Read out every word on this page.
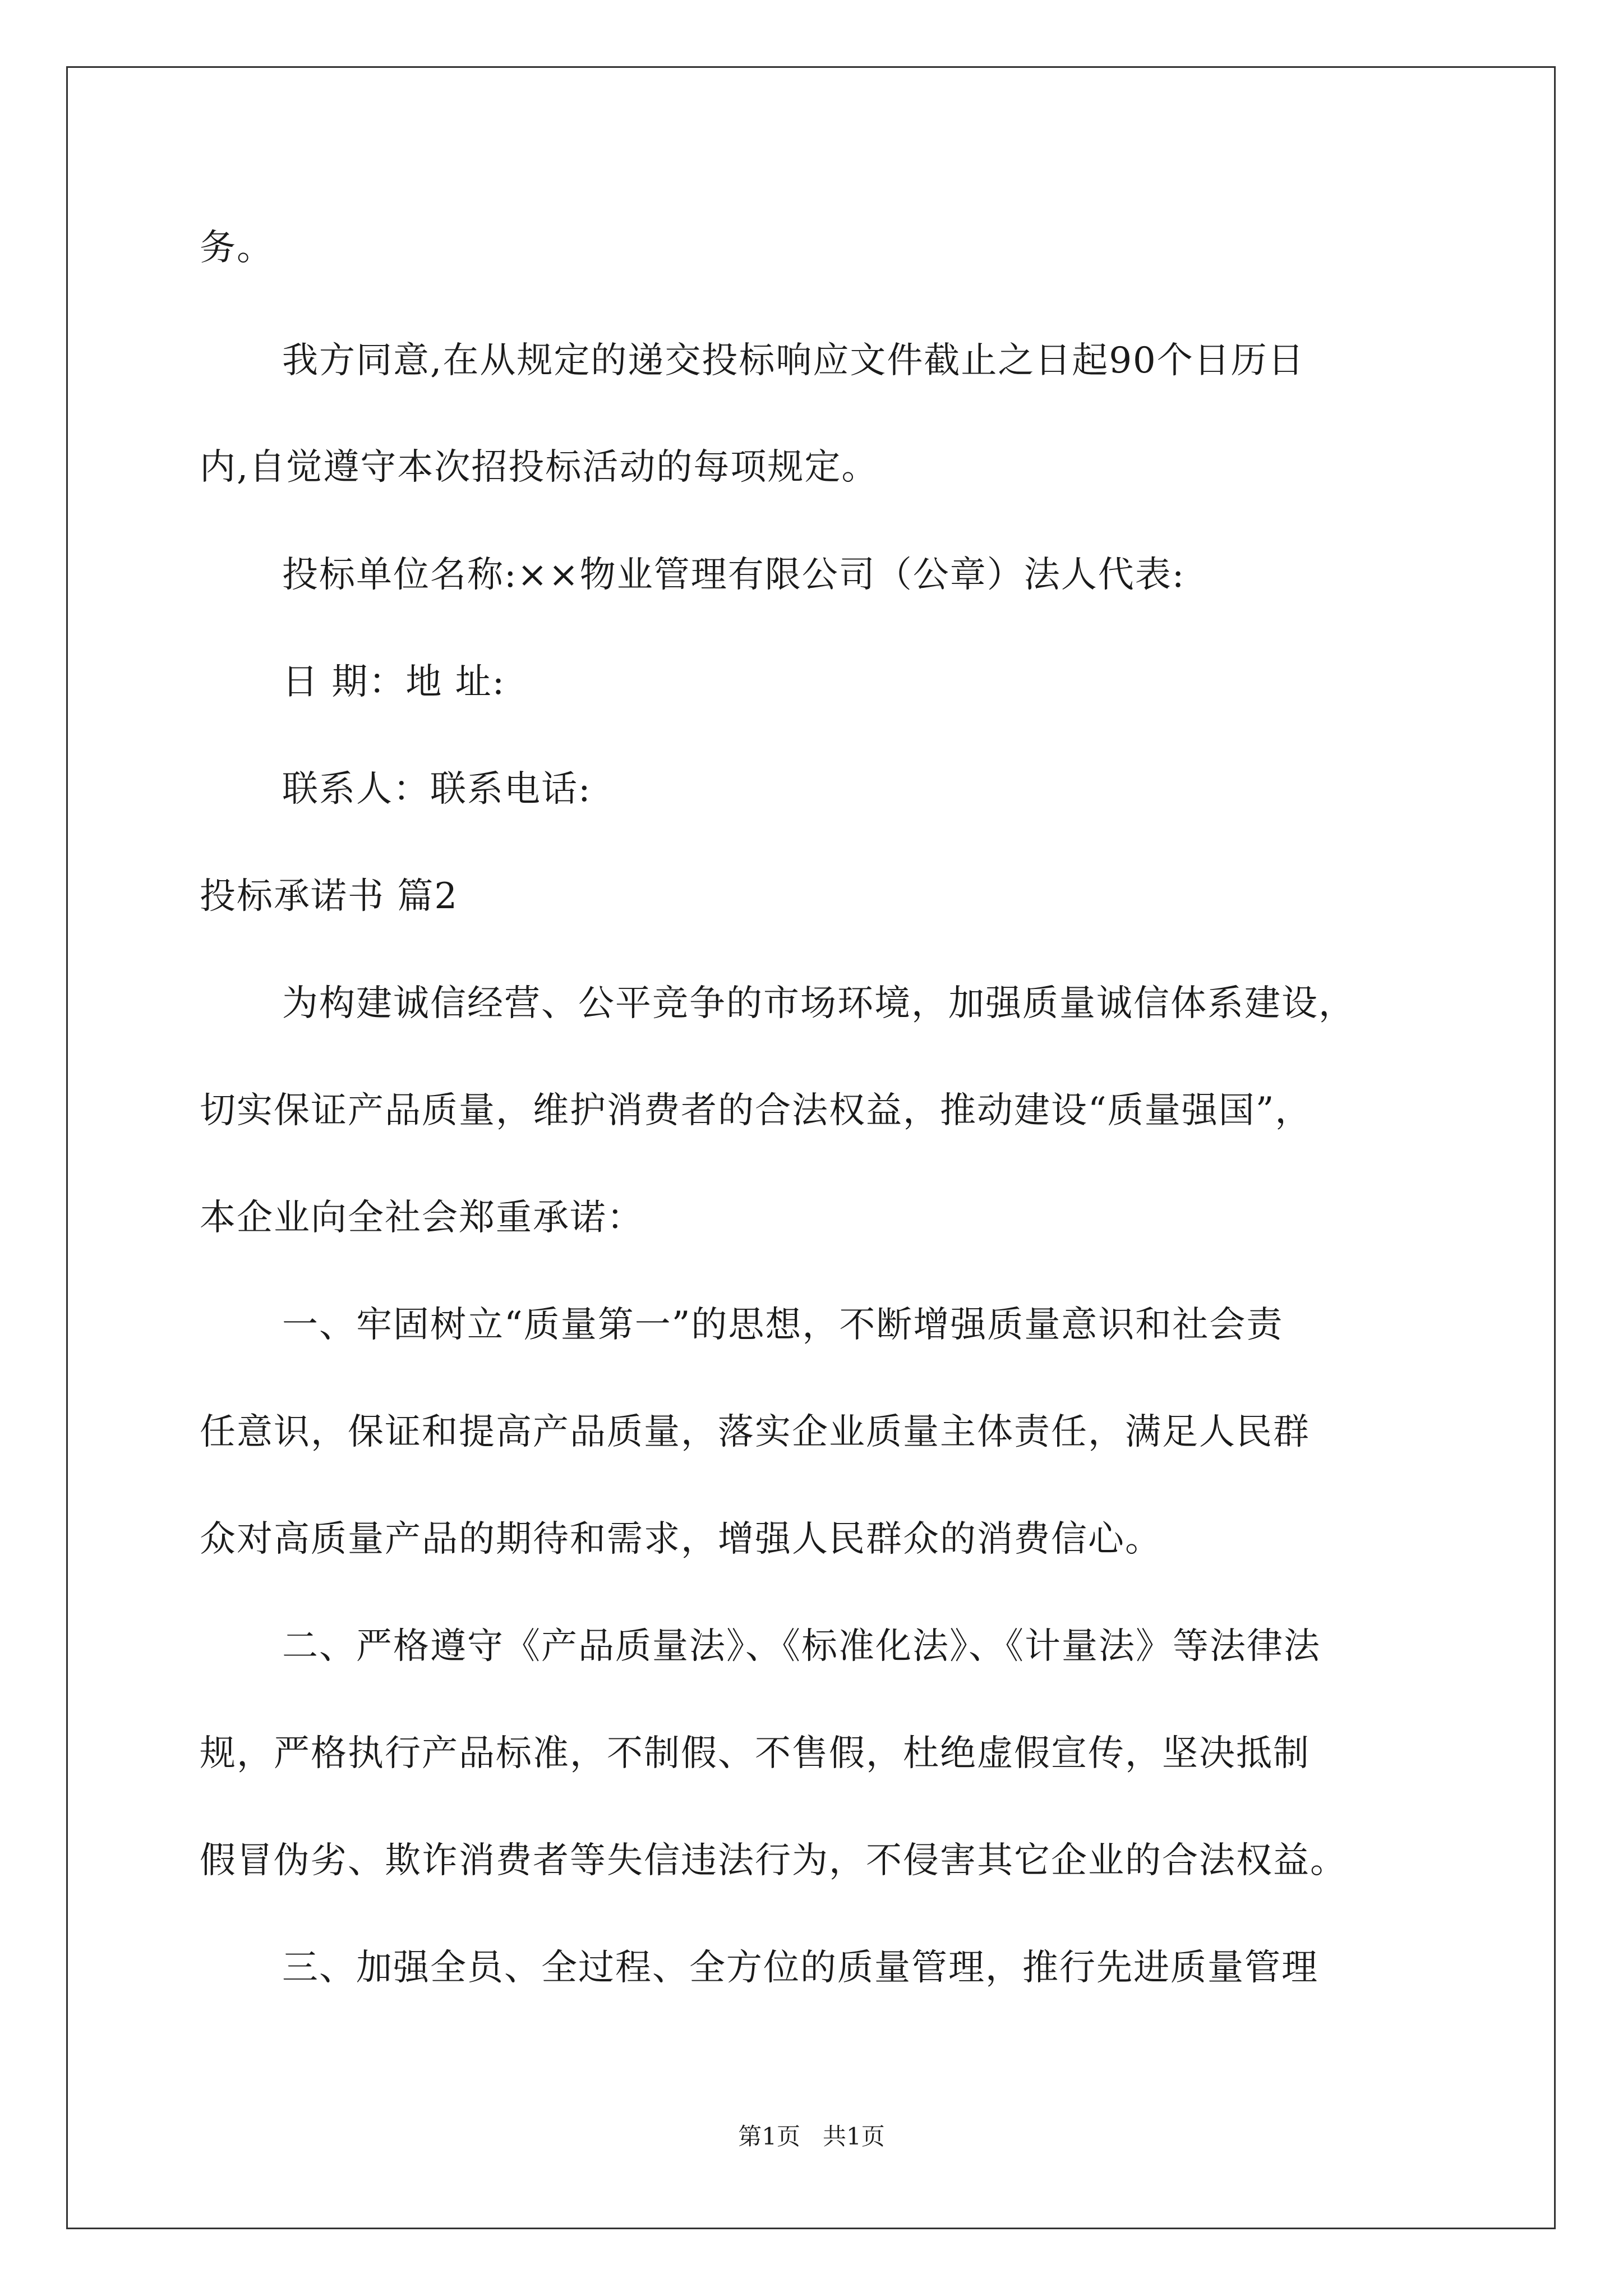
务。
我方同意,在从规定的递交投标响应文件截止之日起90个日历日
内,自觉遵守本次招投标活动的每项规定。
投标单位名称:××物业管理有限公司（公章）法人代表:
日 期：地 址:
联系人：联系电话:
投标承诺书 篇2
为构建诚信经营、公平竞争的市场环境，加强质量诚信体系建设，
切实保证产品质量，维护消费者的合法权益，推动建设“质量强国”，
本企业向全社会郑重承诺：
一、牢固树立“质量第一”的思想，不断增强质量意识和社会责
任意识，保证和提高产品质量，落实企业质量主体责任，满足人民群
众对高质量产品的期待和需求，增强人民群众的消费信心。
二、严格遵守《产品质量法》、《标准化法》、《计量法》等法律法
规，严格执行产品标准，不制假、不售假，杜绝虚假宣传，坚决抵制
假冒伪劣、欺诈消费者等失信违法行为，不侵害其它企业的合法权益。
三、加强全员、全过程、全方位的质量管理，推行先进质量管理
第1页   共1页
